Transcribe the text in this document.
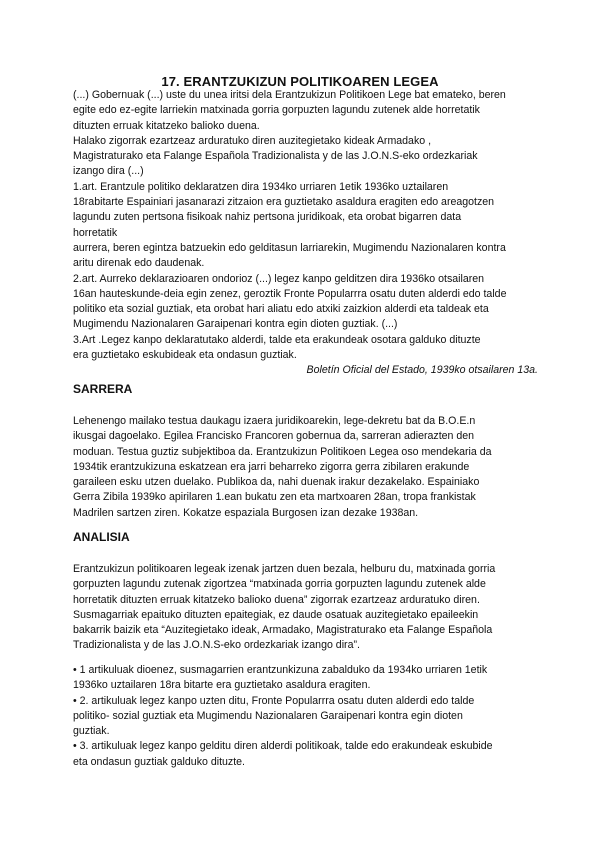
17. ERANTZUKIZUN POLITIKOAREN LEGEA
(...) Gobernuak (...) uste du unea iritsi dela Erantzukizun Politikoen Lege bat emateko, beren
egite edo ez-egite larriekin matxinada gorria gorpuzten lagundu zutenek alde horretatik
dituzten erruak kitatzeko balioko duena.
Halako zigorrak ezartzeaz arduratuko diren auzitegietako kideak Armadako ,
Magistraturako eta Falange Española Tradizionalista y de las J.O.N.S-eko ordezkariak
izango dira (...)
1.art. Erantzule politiko deklaratzen dira 1934ko urriaren 1etik 1936ko uztailaren
18rabitarte Espainiari jasanarazi zitzaion era guztietako asaldura eragiten edo areagotzen
lagundu zuten pertsona fisikoak nahiz pertsona juridikoak, eta orobat bigarren data
horretatik
aurrera, beren egintza batzuekin edo gelditasun larriarekin, Mugimendu Nazionalaren kontra
aritu direnak edo daudenak.
2.art. Aurreko deklarazioaren ondorioz (...) legez kanpo gelditzen dira 1936ko otsailaren
16an hauteskunde-deia egin zenez, geroztik Fronte Popularrra osatu duten alderdi edo talde
politiko eta sozial guztiak, eta orobat hari aliatu edo atxiki zaizkion alderdi eta taldeak eta
Mugimendu Nazionalaren Garaipenari kontra egin dioten guztiak. (...)
3.Art .Legez kanpo deklaratutako alderdi, talde eta erakundeak osotara galduko dituzte
era guztietako eskubideak eta ondasun guztiak.
Boletín Oficial del Estado, 1939ko otsailaren 13a.
SARRERA
Lehenengo mailako testua daukagu izaera juridikoarekin, lege-dekretu bat da B.O.E.n
ikusgai dagoelako. Egilea Francisko Francoren gobernua da, sarreran adierazten den
moduan. Testua guztiz subjektiboa da. Erantzukizun Politikoen Legea oso mendekaria da
1934tik erantzukizuna eskatzean era jarri beharreko zigorra gerra zibilaren erakunde
garaileen esku utzen duelako. Publikoa da, nahi duenak irakur dezakelako. Espainiako
Gerra Zibila 1939ko apirilaren 1.ean bukatu zen eta martxoaren 28an, tropa frankistak
Madrilen sartzen ziren. Kokatze espaziala Burgosen izan dezake 1938an.
ANALISIA
Erantzukizun politikoaren legeak izenak jartzen duen bezala, helburu du, matxinada gorria
gorpuzten lagundu zutenak zigortzea “matxinada gorria gorpuzten lagundu zutenek alde
horretatik dituzten erruak kitatzeko balioko duena” zigorrak ezartzeaz arduratuko diren.
Susmagarriak epaituko dituzten epaitegiak, ez daude osatuak auzitegietako epaileekin
bakarrik baizik eta “Auzitegietako ideak, Armadako, Magistraturako eta Falange Española
Tradizionalista y de las J.O.N.S-eko ordezkariak izango dira”.
• 1 artikuluak dioenez, susmagarrien erantzunkizuna zabalduko da 1934ko urriaren 1etik
1936ko uztailaren 18ra bitarte era guztietako asaldura eragiten.
• 2. artikuluak legez kanpo uzten ditu, Fronte Popularrra osatu duten alderdi edo talde
politiko- sozial guztiak eta Mugimendu Nazionalaren Garaipenari kontra egin dioten
guztiak.
• 3. artikuluak legez kanpo gelditu diren alderdi politikoak, talde edo erakundeak eskubide
eta ondasun guztiak galduko dituzte.
